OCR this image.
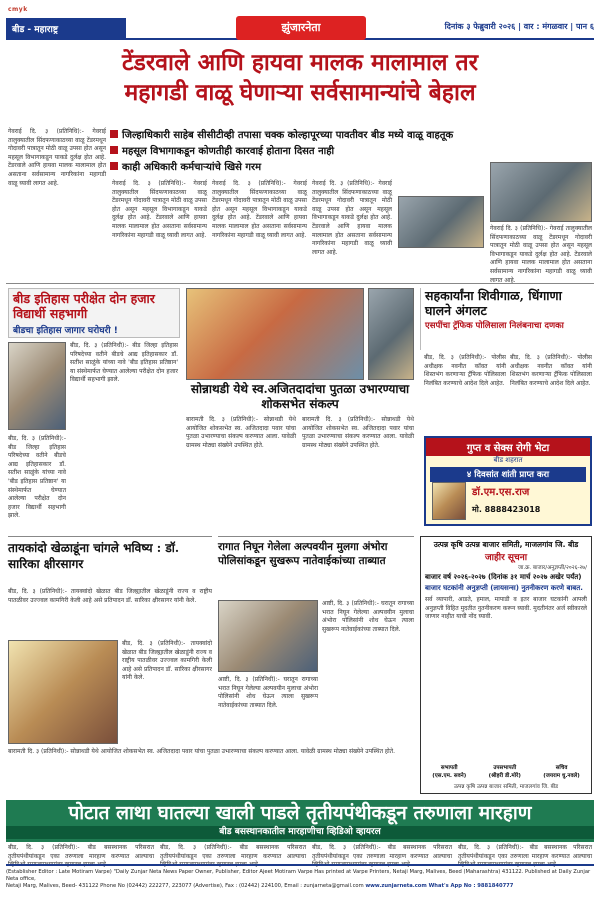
cmyk
बीड - महाराष्ट्र	झुंजारनेता	दिनांक ३ फेब्रुवारी २०२६ | वार : मंगळवार | पान ६
टेंडरवाले आणि हायवा मालक मालामाल तर
महागडी वाळू घेणाऱ्या सर्वसामान्यांचे बेहाल
जिल्हाधिकारी साहेब सीसीटीव्ही तपासा चक्क कोल्हापूरच्या पावतीवर बीड मध्ये वाळू वाहतूक
महसूल विभागाकडून कोणतीही कारवाई होताना दिसत नाही
काही अधिकारी कर्मचाऱ्यांचे खिसे गरम
गेवराई दि. ३ (प्रतिनिधि):- गेवराई तालुक्यातील सिंदफणाकाठच्या वाळू टेंडरमधून गोदावरी पात्रातून मोठी वाळू उपसा होत असून महसूल विभागाकडून याकडे दुर्लक्ष होत आहे. टेंडरवाले आणि हायवा मालक मालामाल होत असताना सर्वसामान्य नागरिकांना महागडी वाळू घ्यावी लागत आहे.	गेवराई दि. ३ (प्रतिनिधि):- गेवराई तालुक्यातील सिंदफणाकाठच्या वाळू टेंडरमधून गोदावरी पात्रातून मोठी वाळू उपसा होत असून महसूल विभागाकडून याकडे दुर्लक्ष होत आहे. टेंडरवाले आणि हायवा मालक मालामाल होत असताना सर्वसामान्य नागरिकांना महागडी वाळू घ्यावी लागत आहे.
गेवराई दि. ३ (प्रतिनिधि):- गेवराई तालुक्यातील सिंदफणाकाठच्या वाळू टेंडरमधून गोदावरी पात्रातून मोठी वाळू उपसा होत असून महसूल विभागाकडून याकडे दुर्लक्ष होत आहे. टेंडरवाले आणि हायवा मालक मालामाल होत असताना सर्वसामान्य नागरिकांना महागडी वाळू घ्यावी लागत आहे.
गेवराई दि. ३ (प्रतिनिधि):- गेवराई तालुक्यातील सिंदफणाकाठच्या वाळू टेंडरमधून गोदावरी पात्रातून मोठी वाळू उपसा होत असून महसूल विभागाकडून याकडे दुर्लक्ष होत आहे. टेंडरवाले आणि हायवा मालक मालामाल होत असताना सर्वसामान्य नागरिकांना महागडी वाळू घ्यावी लागत आहे.
गेवराई दि. ३ (प्रतिनिधि):- गेवराई तालुक्यातील सिंदफणाकाठच्या वाळू टेंडरमधून गोदावरी पात्रातून मोठी वाळू उपसा होत असून महसूल विभागाकडून याकडे दुर्लक्ष होत आहे. टेंडरवाले आणि हायवा मालक मालामाल होत असताना सर्वसामान्य नागरिकांना महागडी वाळू घ्यावी लागत आहे.
बीड इतिहास परीक्षेत दोन हजार विद्यार्थी सहभागी
बीडचा इतिहास जागार घरोघरी !
बीड, दि. ३ (प्रतिनिधी):- बीड जिल्हा इतिहास परिषदेच्या वतीने बीडचे आद्य इतिहासकार डॉ. सतीश साळुंके यांच्या नावे 'बीड इतिहास प्रतिष्ठान' या संस्थेमार्फत घेण्यात आलेल्या परीक्षेत दोन हजार विद्यार्थी सहभागी झाले.
बीड, दि. ३ (प्रतिनिधी):- बीड जिल्हा इतिहास परिषदेच्या वतीने बीडचे आद्य इतिहासकार डॉ. सतीश साळुंके यांच्या नावे 'बीड इतिहास प्रतिष्ठान' या संस्थेमार्फत घेण्यात आलेल्या परीक्षेत दोन हजार विद्यार्थी सहभागी झाले.
सोन्नाथडी येथे स्व.अजितदादांचा पुतळा उभारण्याचा शोकसभेत संकल्प
बारामती दि. ३ (प्रतिनिधी):- सोन्नाथडी येथे आयोजित शोकसभेत स्व. अजितदादा पवार यांचा पुतळा उभारण्याचा संकल्प करण्यात आला. यावेळी ग्रामस्थ मोठ्या संख्येने उपस्थित होते.
बारामती दि. ३ (प्रतिनिधी):- सोन्नाथडी येथे आयोजित शोकसभेत स्व. अजितदादा पवार यांचा पुतळा उभारण्याचा संकल्प करण्यात आला. यावेळी ग्रामस्थ मोठ्या संख्येने उपस्थित होते.
सहकार्यांना शिवीगाळ, धिंगाणा घालने अंगलट
एसपींचा ट्रॅफिक पोलिसाला निलंबनाचा दणका
बीड, दि. ३ (प्रतिनिधी):- पोलीस अधीक्षक नवनीत कॉवत यांनी शिस्तभंग करणाऱ्या ट्रॅफिक पोलिसाला निलंबित करण्याचे आदेश दिले आहेत.
बीड, दि. ३ (प्रतिनिधी):- पोलीस अधीक्षक नवनीत कॉवत यांनी शिस्तभंग करणाऱ्या ट्रॅफिक पोलिसाला निलंबित करण्याचे आदेश दिले आहेत.
गुप्त व सेक्स रोगी भेटा
बीड शहरात
४ दिवसांत शांती प्राप्त करा
डॉ.एम.एस.राज
मो. 8888423018
तायकांदो खेळाडूंना चांगले भविष्य : डॉ. सारिका क्षीरसागर
बीड, दि. ३ (प्रतिनिधी):- तायक्वांदो खेळात बीड जिल्ह्यातील खेळाडूंनी राज्य व राष्ट्रीय पातळीवर उज्ज्वल कामगिरी केली आहे असे प्रतिपादन डॉ. सारिका क्षीरसागर यांनी केले.
बीड, दि. ३ (प्रतिनिधी):- तायक्वांदो खेळात बीड जिल्ह्यातील खेळाडूंनी राज्य व राष्ट्रीय पातळीवर उज्ज्वल कामगिरी केली आहे असे प्रतिपादन डॉ. सारिका क्षीरसागर यांनी केले.
रागात निघून गेलेला अल्पवयीन मुलगा अंभोरा पोलिसांकडून सुखरूप नातेवाईकांच्या ताब्यात
आष्टी, दि. ३ (प्रतिनिधी):- घरातून रागाच्या भरात निघून गेलेल्या अल्पवयीन मुलाचा अंभोरा पोलिसांनी शोध घेऊन त्याला सुखरूप नातेवाईकांच्या ताब्यात दिले.
आष्टी, दि. ३ (प्रतिनिधी):- घरातून रागाच्या भरात निघून गेलेल्या अल्पवयीन मुलाचा अंभोरा पोलिसांनी शोध घेऊन त्याला सुखरूप नातेवाईकांच्या ताब्यात दिले.
उत्पन्न कृषि उत्पन्न बाजार समिती, माजलगांव जि. बीड
जाहीर सूचना
जा.क्र. बाजार/अनुज्ञप्ती/२०२६-२७/
बाजार वर्ष २०२६-२०२७ (दिनांक ३१ मार्च २०२७ अखेर पर्यंत)
बाजार घटकांनी अनुज्ञप्ती (लायसन्स) नुतनीकरण करणे बाबत.
सर्व व्यापारी, आडते, हमाल, मापाडी व इतर बाजार घटकांनी आपली अनुज्ञप्ती विहित मुदतीत नुतनीकरण करून घ्यावी. मुदतीनंतर अर्ज स्वीकारले जाणार नाहीत याची नोंद घ्यावी.
सभापती
(एस.एम. सवने)
उपसभापती
(श्रीहरी डी.मोरे)
सचिव
(जयराम धु.नवले)
उत्पन्न कृषि उत्पन्न बाजार समिती, माजलगांव जि. बीड
बारामती दि. ३ (प्रतिनिधी):- सोन्नाथडी येथे आयोजित शोकसभेत स्व. अजितदादा पवार यांचा पुतळा उभारण्याचा संकल्प करण्यात आला. यावेळी ग्रामस्थ मोठ्या संख्येने उपस्थित होते.
पोटात लाथा घातल्या खाली पाडले तृतीयपंथीकडून तरुणाला मारहाण
बीड बसस्थानकातील मारहाणीचा व्हिडिओ व्हायरल
बीड, दि. ३ (प्रतिनिधी):- बीड बसस्थानक परिसरात तृतीयपंथीयांकडून एका तरुणाला मारहाण करण्यात आल्याचा व्हिडिओ समाजमाध्यमांवर व्हायरल झाला आहे.
बीड, दि. ३ (प्रतिनिधी):- बीड बसस्थानक परिसरात तृतीयपंथीयांकडून एका तरुणाला मारहाण करण्यात आल्याचा व्हिडिओ समाजमाध्यमांवर व्हायरल झाला आहे.
बीड, दि. ३ (प्रतिनिधी):- बीड बसस्थानक परिसरात तृतीयपंथीयांकडून एका तरुणाला मारहाण करण्यात आल्याचा व्हिडिओ समाजमाध्यमांवर व्हायरल झाला आहे.
बीड, दि. ३ (प्रतिनिधी):- बीड बसस्थानक परिसरात तृतीयपंथीयांकडून एका तरुणाला मारहाण करण्यात आल्याचा व्हिडिओ समाजमाध्यमांवर व्हायरल झाला आहे.
(Establisher Editor : Late Motiram Varpe) "Daily Zunjar Neta News Paper Owner, Publisher, Editor Ajeet Motiram Varpe Has printed at Varpe Printers, Netaji Marg, Malives, Beed (Maharashtra) 431122. Published at Daily Zunjar Neta office,
Netaji Marg, Malives, Beed- 431122 Phone No (02442) 222277, 223077 (Advertise), Fax : (02442) 224100, Email : zunjarneta@gmail.com www.zunjarneta.com What's App No : 9881840777
